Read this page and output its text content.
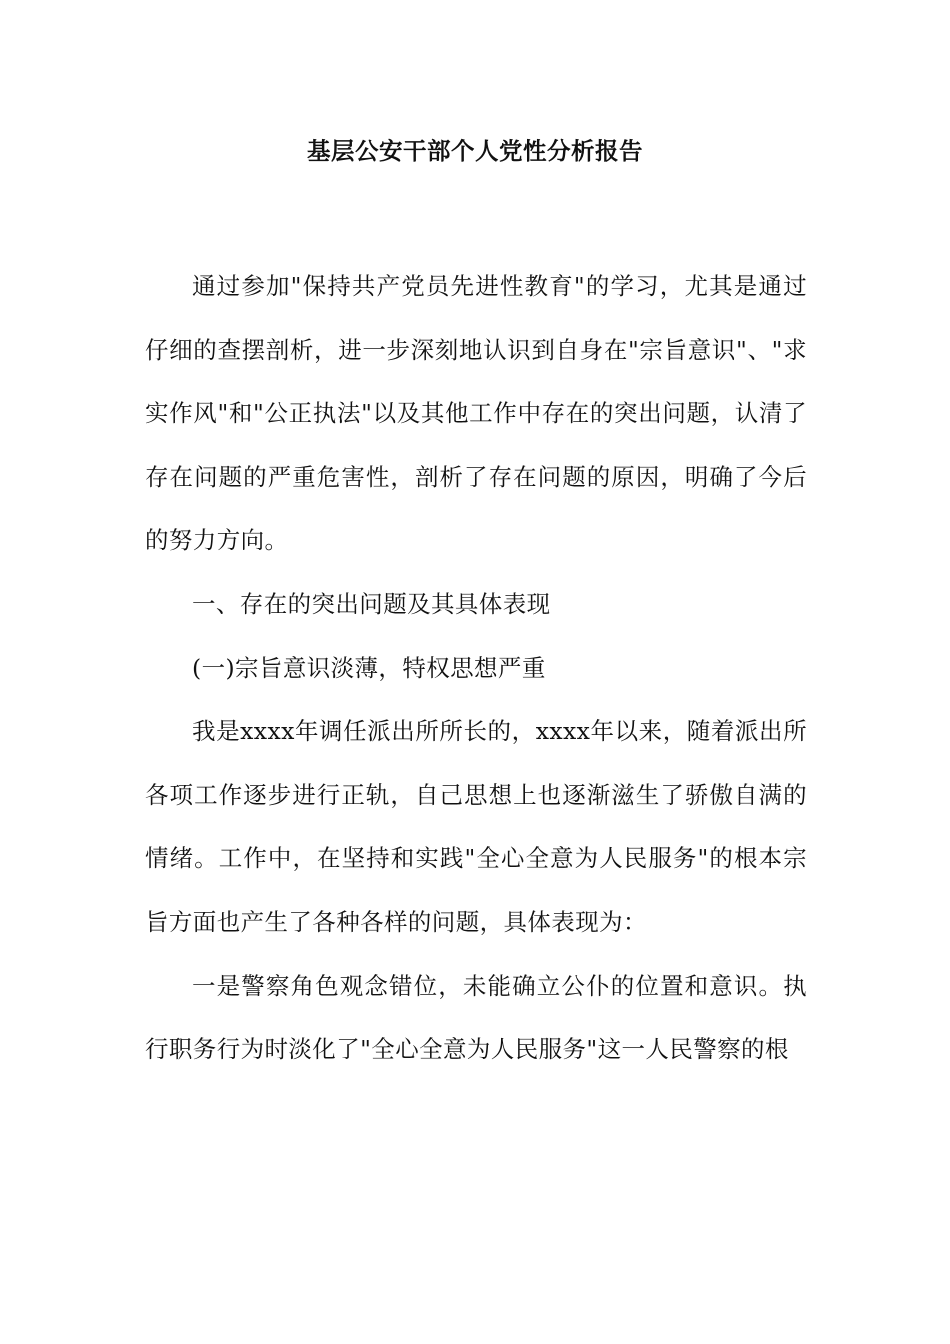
基层公安干部个人党性分析报告

通过参加"保持共产党员先进性教育"的学习，尤其是通过仔细的查摆剖析，进一步深刻地认识到自身在"宗旨意识"、"求实作风"和"公正执法"以及其他工作中存在的突出问题，认清了存在问题的严重危害性，剖析了存在问题的原因，明确了今后的努力方向。

一、存在的突出问题及其具体表现

(一)宗旨意识淡薄，特权思想严重

我是xxxx年调任派出所所长的，xxxx年以来，随着派出所各项工作逐步进行正轨，自己思想上也逐渐滋生了骄傲自满的情绪。工作中，在坚持和实践"全心全意为人民服务"的根本宗旨方面也产生了各种各样的问题，具体表现为：

一是警察角色观念错位，未能确立公仆的位置和意识。执行职务行为时淡化了"全心全意为人民服务"这一人民警察的根
